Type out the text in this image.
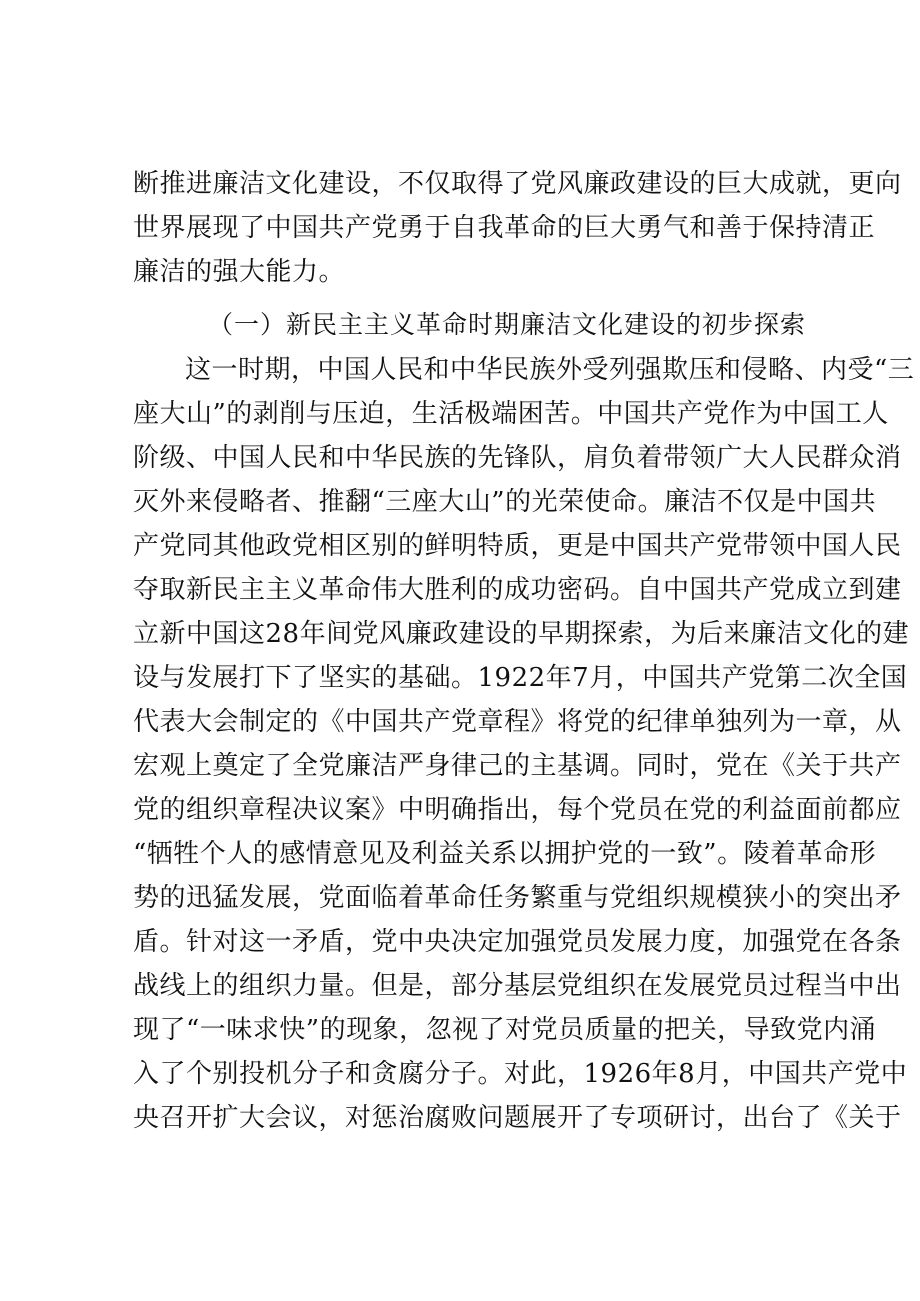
断推进廉洁文化建设，不仅取得了党风廉政建设的巨大成就，更向
世界展现了中国共产党勇于自我革命的巨大勇气和善于保持清正
廉洁的强大能力。
（一）新民主主义革命时期廉洁文化建设的初步探索
这一时期，中国人民和中华民族外受列强欺压和侵略、内受“三
座大山”的剥削与压迫，生活极端困苦。中国共产党作为中国工人
阶级、中国人民和中华民族的先锋队，肩负着带领广大人民群众消
灭外来侵略者、推翻“三座大山”的光荣使命。廉洁不仅是中国共
产党同其他政党相区别的鲜明特质，更是中国共产党带领中国人民
夺取新民主主义革命伟大胜利的成功密码。自中国共产党成立到建
立新中国这28年间党风廉政建设的早期探索，为后来廉洁文化的建
设与发展打下了坚实的基础。1922年7月，中国共产党第二次全国
代表大会制定的《中国共产党章程》将党的纪律单独列为一章，从
宏观上奠定了全党廉洁严身律己的主基调。同时，党在《关于共产
党的组织章程决议案》中明确指出，每个党员在党的利益面前都应
“牺牲个人的感情意见及利益关系以拥护党的一致”。陵着革命形
势的迅猛发展，党面临着革命任务繁重与党组织规模狭小的突出矛
盾。针对这一矛盾，党中央决定加强党员发展力度，加强党在各条
战线上的组织力量。但是，部分基层党组织在发展党员过程当中出
现了“一味求快”的现象，忽视了对党员质量的把关，导致党内涌
入了个别投机分子和贪腐分子。对此，1926年8月，中国共产党中
央召开扩大会议，对惩治腐败问题展开了专项研讨，出台了《关于
